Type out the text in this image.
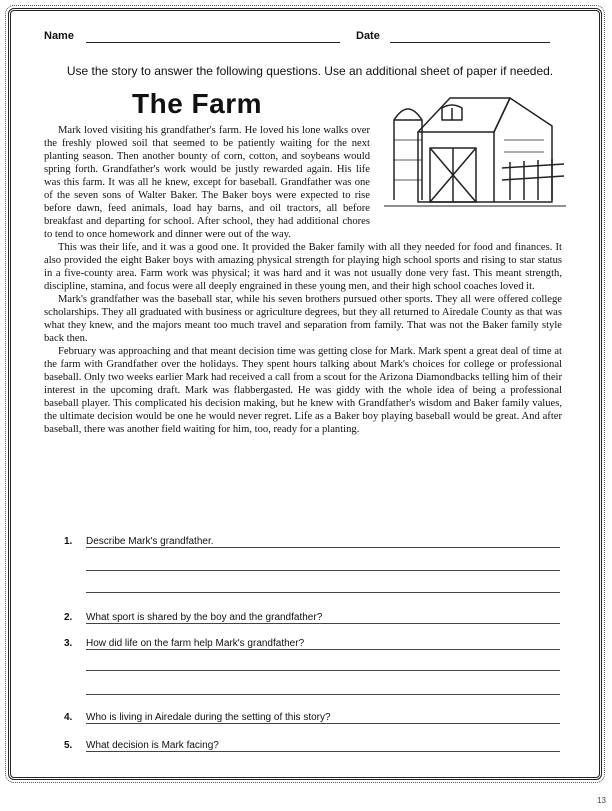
Name	Date
Use the story to answer the following questions. Use an additional sheet of paper if needed.
The Farm

Mark loved visiting his grandfather's farm. He loved his lone walks over the freshly plowed soil that seemed to be patiently waiting for the next planting season. Then another bounty of corn, cotton, and soybeans would spring forth. Grandfather's work would be justly rewarded again. His life was this farm. It was all he knew, except for baseball. Grandfather was one of the seven sons of Walter Baker. The Baker boys were expected to rise before dawn, feed animals, load hay barns, and oil tractors, all before breakfast and departing for school. After school, they had additional chores to tend to once homework and dinner were out of the way.

This was their life, and it was a good one. It provided the Baker family with all they needed for food and finances. It also provided the eight Baker boys with amazing physical strength for playing high school sports and rising to star status in a five-county area. Farm work was physical; it was hard and it was not usually done very fast. This meant strength, discipline, stamina, and focus were all deeply engrained in these young men, and their high school coaches loved it.

Mark's grandfather was the baseball star, while his seven brothers pursued other sports. They all were offered college scholarships. They all graduated with business or agriculture degrees, but they all returned to Airedale County as that was what they knew, and the majors meant too much travel and separation from family. That was not the Baker family style back then.

February was approaching and that meant decision time was getting close for Mark. Mark spent a great deal of time at the farm with Grandfather over the holidays. They spent hours talking about Mark's choices for college or professional baseball. Only two weeks earlier Mark had received a call from a scout for the Arizona Diamondbacks telling him of their interest in the upcoming draft. Mark was flabbergasted. He was giddy with the whole idea of being a professional baseball player. This complicated his decision making, but he knew with Grandfather's wisdom and Baker family values, the ultimate decision would be one he would never regret. Life as a Baker boy playing baseball would be great. And after baseball, there was another field waiting for him, too, ready for a planting.

1. Describe Mark's grandfather.
2. What sport is shared by the boy and the grandfather?
3. How did life on the farm help Mark's grandfather?
4. Who is living in Airedale during the setting of this story?
5. What decision is Mark facing?
13
